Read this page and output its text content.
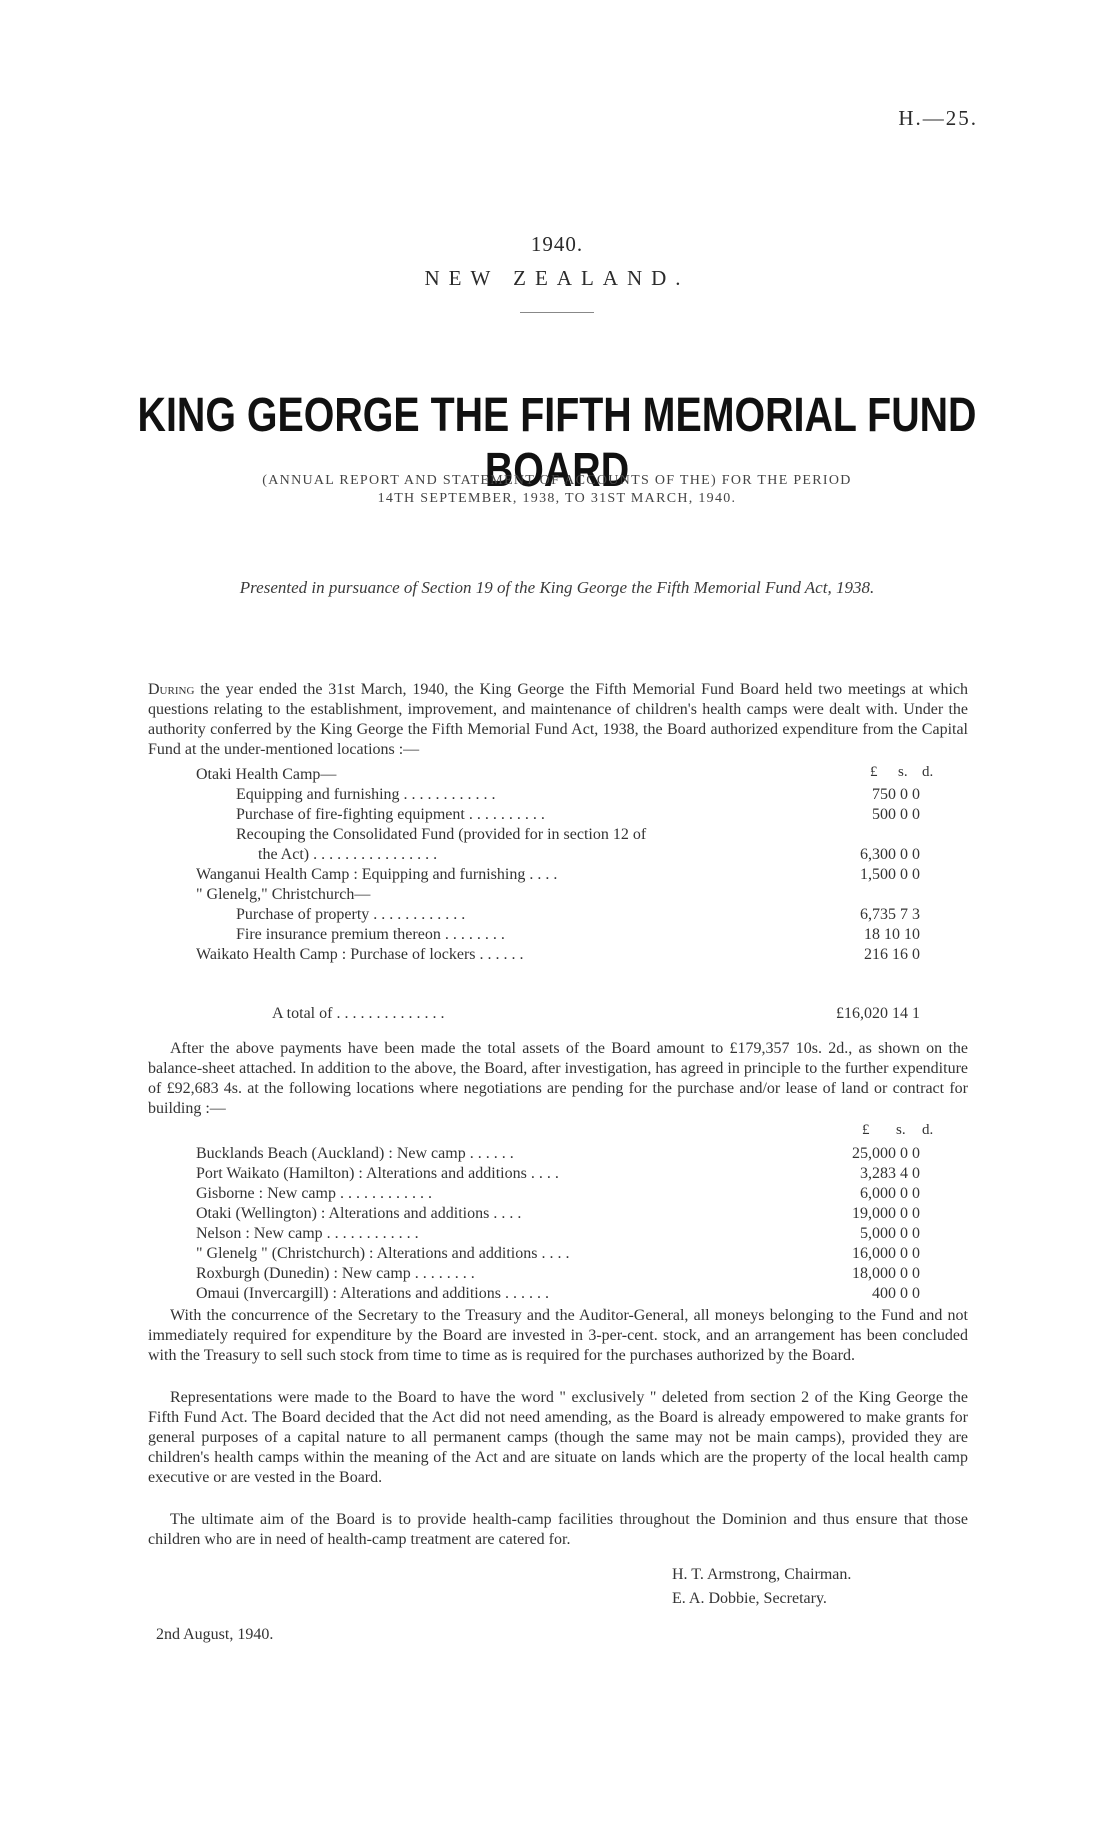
H.—25.
1940.
NEW ZEALAND.
KING GEORGE THE FIFTH MEMORIAL FUND BOARD
(ANNUAL REPORT AND STATEMENT OF ACCOUNTS OF THE) FOR THE PERIOD
14TH SEPTEMBER, 1938, TO 31ST MARCH, 1940.
Presented in pursuance of Section 19 of the King George the Fifth Memorial Fund Act, 1938.
During the year ended the 31st March, 1940, the King George the Fifth Memorial Fund Board held two meetings at which questions relating to the establishment, improvement, and maintenance of children's health camps were dealt with. Under the authority conferred by the King George the Fifth Memorial Fund Act, 1938, the Board authorized expenditure from the Capital Fund at the under-mentioned locations :—
£ s. d.
Otaki Health Camp—
Equipping and furnishing . . . . . . . . . . . .	750 0 0
Purchase of fire-fighting equipment . . . . . . . . . .	500 0 0
Recouping the Consolidated Fund (provided for in section 12 of
the Act) . . . . . . . . . . . . . . . .	6,300 0 0
Wanganui Health Camp : Equipping and furnishing . . . .	1,500 0 0
" Glenelg," Christchurch—
Purchase of property . . . . . . . . . . . .	6,735 7 3
Fire insurance premium thereon . . . . . . . .	18 10 10
Waikato Health Camp : Purchase of lockers . . . . . .	216 16 0
A total of . . . . . . . . . . . . . .	£16,020 14 1
After the above payments have been made the total assets of the Board amount to £179,357 10s. 2d., as shown on the balance-sheet attached. In addition to the above, the Board, after investigation, has agreed in principle to the further expenditure of £92,683 4s. at the following locations where negotiations are pending for the purchase and/or lease of land or contract for building :—
£ s. d.
Bucklands Beach (Auckland) : New camp . . . . . .	25,000 0 0
Port Waikato (Hamilton) : Alterations and additions . . . .	3,283 4 0
Gisborne : New camp . . . . . . . . . . . .	6,000 0 0
Otaki (Wellington) : Alterations and additions . . . .	19,000 0 0
Nelson : New camp . . . . . . . . . . . .	5,000 0 0
" Glenelg " (Christchurch) : Alterations and additions . . . .	16,000 0 0
Roxburgh (Dunedin) : New camp . . . . . . . .	18,000 0 0
Omaui (Invercargill) : Alterations and additions . . . . . .	400 0 0
With the concurrence of the Secretary to the Treasury and the Auditor-General, all moneys belonging to the Fund and not immediately required for expenditure by the Board are invested in 3-per-cent. stock, and an arrangement has been concluded with the Treasury to sell such stock from time to time as is required for the purchases authorized by the Board.
Representations were made to the Board to have the word " exclusively " deleted from section 2 of the King George the Fifth Fund Act. The Board decided that the Act did not need amending, as the Board is already empowered to make grants for general purposes of a capital nature to all permanent camps (though the same may not be main camps), provided they are children's health camps within the meaning of the Act and are situate on lands which are the property of the local health camp executive or are vested in the Board.
The ultimate aim of the Board is to provide health-camp facilities throughout the Dominion and thus ensure that those children who are in need of health-camp treatment are catered for.
H. T. Armstrong, Chairman.
E. A. Dobbie, Secretary.
2nd August, 1940.
